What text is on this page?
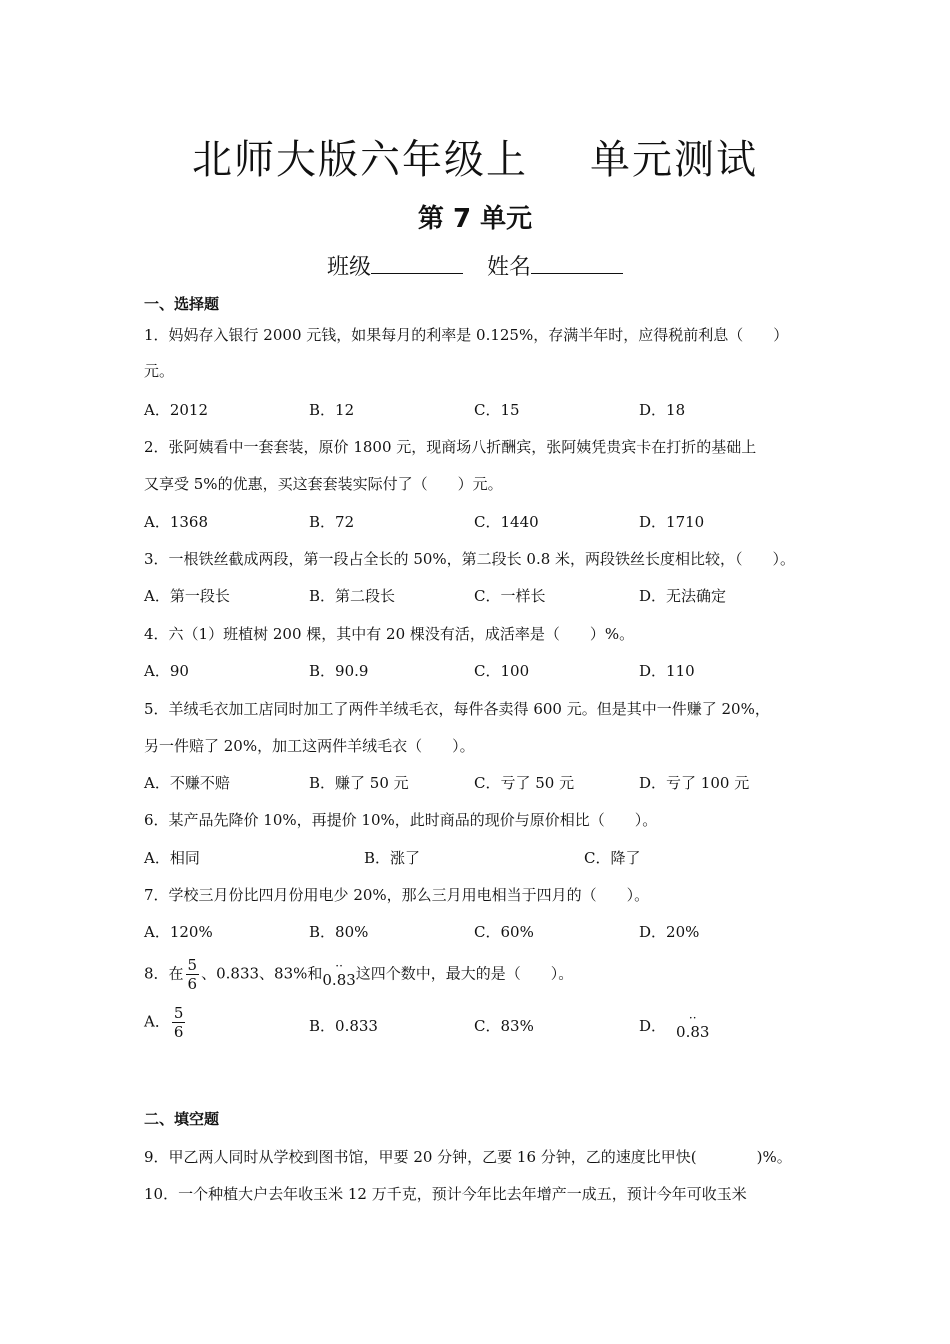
北师大版六年级上 单元测试
第 7 单元
班级	姓名
一、选择题
1．妈妈存入银行 2000 元钱，如果每月的利率是 0.125%，存满半年时，应得税前利息（　　）
元。
A．2012	B．12	C．15	D．18
2．张阿姨看中一套套装，原价 1800 元，现商场八折酬宾，张阿姨凭贵宾卡在打折的基础上
又享受 5%的优惠，买这套套装实际付了（　　）元。
A．1368	B．72	C．1440	D．1710
3．一根铁丝截成两段，第一段占全长的 50%，第二段长 0.8 米，两段铁丝长度相比较，（　　）。
A．第一段长	B．第二段长	C．一样长	D．无法确定
4．六（1）班植树 200 棵，其中有 20 棵没有活，成活率是（　　）%。
A．90	B．90.9	C．100	D．110
5．羊绒毛衣加工店同时加工了两件羊绒毛衣，每件各卖得 600 元。但是其中一件赚了 20%，
另一件赔了 20%，加工这两件羊绒毛衣（　　）。
A．不赚不赔	B．赚了 50 元	C．亏了 50 元	D．亏了 100 元
6．某产品先降价 10%，再提价 10%，此时商品的现价与原价相比（　　）。
A．相同	B．涨了	C．降了
7．学校三月份比四月份用电少 20%，那么三月用电相当于四月的（　　）。
A．120%	B．80%	C．60%	D．20%
8．在 $\frac{5}{6}$ 、0.833、83%和	··
0.83这四个数中，最大的是（　　）。
A． $\frac{5}{6}$	B．0.833	C．83%	D．	··
0.83
二、填空题
9．甲乙两人同时从学校到图书馆，甲要 20 分钟，乙要 16 分钟，乙的速度比甲快(　　　　)%。
10．一个种植大户去年收玉米 12 万千克，预计今年比去年增产一成五，预计今年可收玉米
